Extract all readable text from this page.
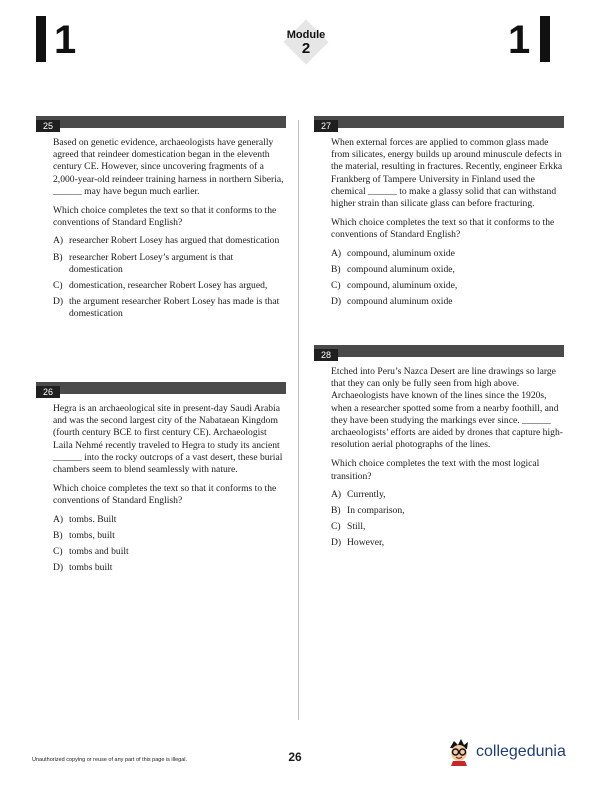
1	Module
2	1
25

Based on genetic evidence, archaeologists have generally agreed that reindeer domestication began in the eleventh century CE. However, since uncovering fragments of a 2,000-year-old reindeer training harness in northern Siberia, ______ may have begun much earlier.

Which choice completes the text so that it conforms to the conventions of Standard English?

A) researcher Robert Losey has argued that domestication
B) researcher Robert Losey’s argument is that domestication
C) domestication, researcher Robert Losey has argued,
D) the argument researcher Robert Losey has made is that domestication
26

Hegra is an archaeological site in present-day Saudi Arabia and was the second largest city of the Nabataean Kingdom (fourth century BCE to first century CE). Archaeologist Laila Nehmé recently traveled to Hegra to study its ancient ______ into the rocky outcrops of a vast desert, these burial chambers seem to blend seamlessly with nature.

Which choice completes the text so that it conforms to the conventions of Standard English?

A) tombs. Built
B) tombs, built
C) tombs and built
D) tombs built
27

When external forces are applied to common glass made from silicates, energy builds up around minuscule defects in the material, resulting in fractures. Recently, engineer Erkka Frankberg of Tampere University in Finland used the chemical ______ to make a glassy solid that can withstand higher strain than silicate glass can before fracturing.

Which choice completes the text so that it conforms to the conventions of Standard English?

A) compound, aluminum oxide
B) compound aluminum oxide,
C) compound, aluminum oxide,
D) compound aluminum oxide
28

Etched into Peru’s Nazca Desert are line drawings so large that they can only be fully seen from high above. Archaeologists have known of the lines since the 1920s, when a researcher spotted some from a nearby foothill, and they have been studying the markings ever since. ______ archaeologists’ efforts are aided by drones that capture high-resolution aerial photographs of the lines.

Which choice completes the text with the most logical transition?

A) Currently,
B) In comparison,
C) Still,
D) However,
Unauthorized copying or reuse of any part of this page is illegal.	26	collegedunia
